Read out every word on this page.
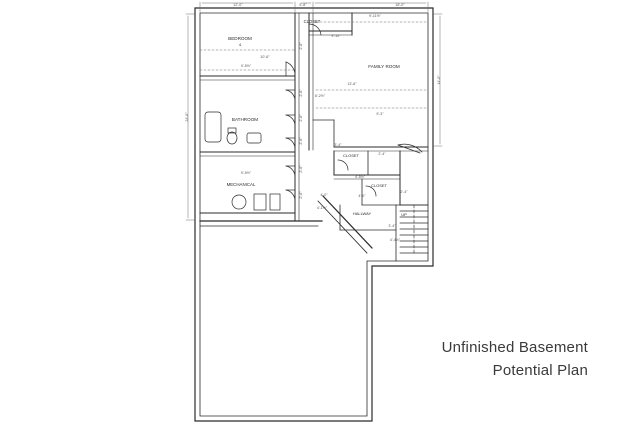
BEDROOM
4
CLOSET
FAMILY ROOM
BATHROOM
MECHANICAL
CLOSET
CLOSET
HALLWAY	UP
12'-0"	5'-8"	18'-0"
9'-11½"
9'-10"
10'-6"
9'-5½"
2'-8"
13'-6"
8'-2½"
9'-3"
2'-8"
2'-6"
2'-6"
9'-5½"
2'-6"
2'-6"	4'-0"
4'-1½"
3'-4"
2'-4"
4'-5½"
4'-0"
2'-4"
3'-4"
4'-4½"
24'-0"
14'-0"
Unfinished Basement
Potential Plan
